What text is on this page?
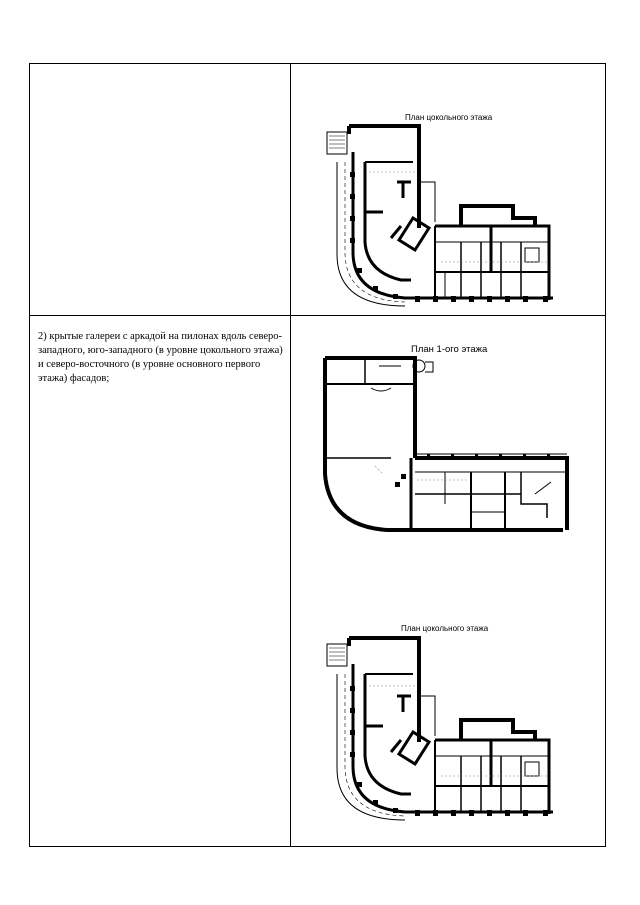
	План цокольного этажа

2) крытые галереи с аркадой на пилонах вдоль северо-западного, юго-западного (в уровне цокольного этажа) и северо-восточного (в уровне основного первого этажа) фасадов;	План 1-ого этажа
План цокольного этажа
